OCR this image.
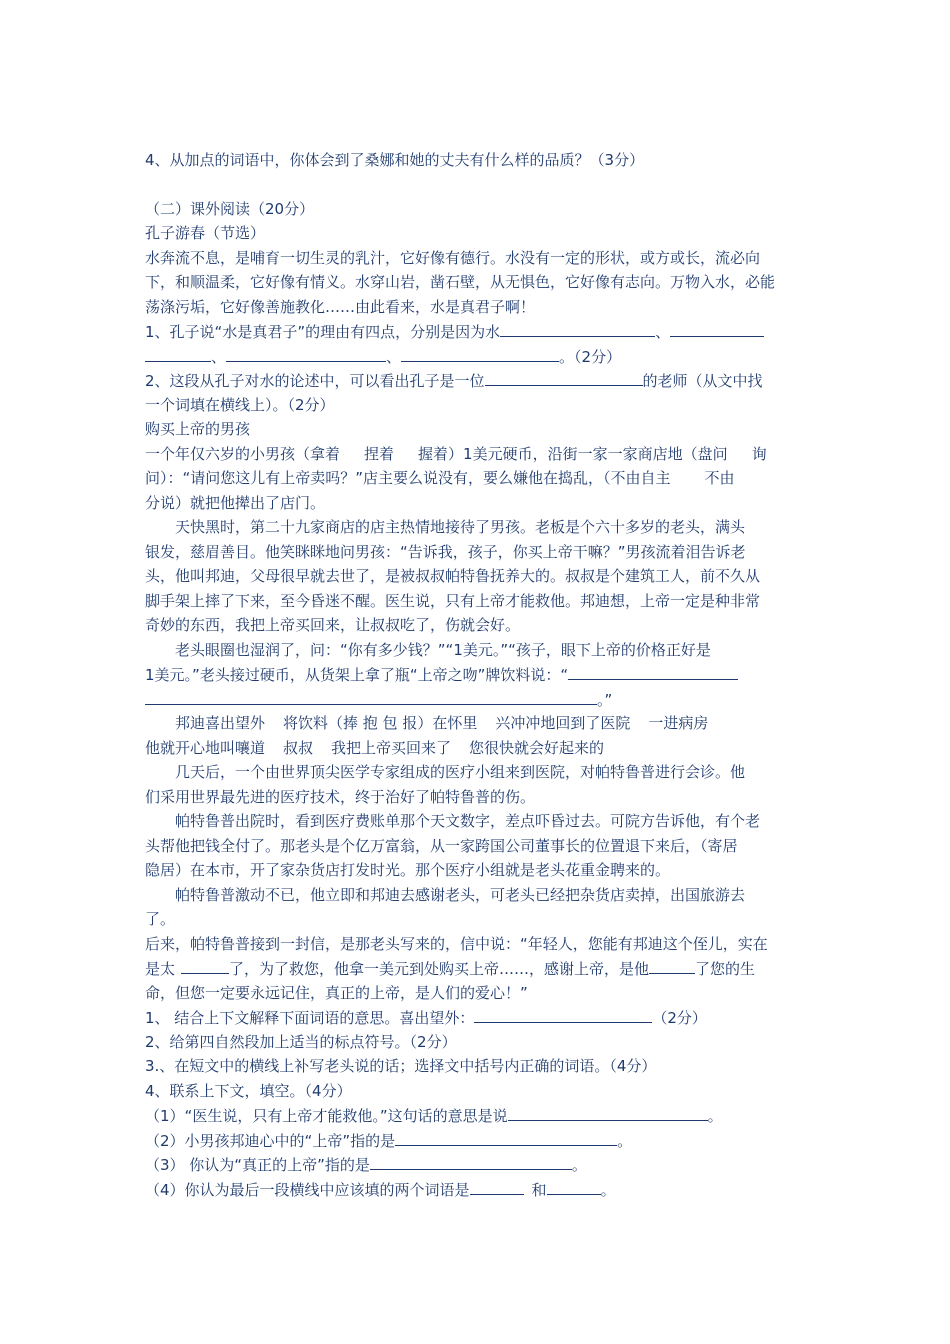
4、从加点的词语中，你体会到了桑娜和她的丈夫有什么样的品质？（3分）
（二）课外阅读（20分）
孔子游春（节选）
水奔流不息，是哺育一切生灵的乳汁，它好像有德行。水没有一定的形状，或方或长，流必向
下，和顺温柔，它好像有情义。水穿山岩，凿石壁，从无惧色，它好像有志向。万物入水，必能
荡涤污垢，它好像善施教化……由此看来，水是真君子啊！
1、孔子说“水是真君子”的理由有四点，分别是因为水	、
、	、	。（2分）
2、这段从孔子对水的论述中，可以看出孔子是一位	的老师（从文中找
一个词填在横线上）。（2分）
购买上帝的男孩
一个年仅六岁的小男孩（拿着 捏着 握着）1美元硬币，沿街一家一家商店地（盘问 询
问）：“请问您这儿有上帝卖吗？”店主要么说没有，要么嫌他在捣乱，（不由自主 不由
分说）就把他撵出了店门。
天快黑时，第二十九家商店的店主热情地接待了男孩。老板是个六十多岁的老头，满头
银发，慈眉善目。他笑眯眯地问男孩：“告诉我，孩子，你买上帝干嘛？”男孩流着泪告诉老
头，他叫邦迪，父母很早就去世了，是被叔叔帕特鲁抚养大的。叔叔是个建筑工人，前不久从
脚手架上摔了下来，至今昏迷不醒。医生说，只有上帝才能救他。邦迪想，上帝一定是种非常
奇妙的东西，我把上帝买回来，让叔叔吃了，伤就会好。
老头眼圈也湿润了，问：“你有多少钱？”“1美元。”“孩子，眼下上帝的价格正好是
1美元。”老头接过硬币，从货架上拿了瓶“上帝之吻”牌饮料说：“
。”
邦迪喜出望外 将饮料（捧 抱 包 报）在怀里 兴冲冲地回到了医院 一进病房
他就开心地叫嚷道 叔叔 我把上帝买回来了 您很快就会好起来的
几天后，一个由世界顶尖医学专家组成的医疗小组来到医院，对帕特鲁普进行会诊。他
们采用世界最先进的医疗技术，终于治好了帕特鲁普的伤。
帕特鲁普出院时，看到医疗费账单那个天文数字，差点吓昏过去。可院方告诉他，有个老
头帮他把钱全付了。那老头是个亿万富翁，从一家跨国公司董事长的位置退下来后，（寄居
隐居）在本市，开了家杂货店打发时光。那个医疗小组就是老头花重金聘来的。
帕特鲁普激动不已，他立即和邦迪去感谢老头，可老头已经把杂货店卖掉，出国旅游去
了。
后来，帕特鲁普接到一封信，是那老头写来的，信中说：“年轻人，您能有邦迪这个侄儿，实在
是太	了，为了救您，他拿一美元到处购买上帝……，感谢上帝，是他	了您的生
命，但您一定要永远记住，真正的上帝，是人们的爱心！”
1、 结合上下文解释下面词语的意思。喜出望外：	（2分）
2、给第四自然段加上适当的标点符号。（2分）
3.、在短文中的横线上补写老头说的话；选择文中括号内正确的词语。（4分）
4、联系上下文，填空。（4分）
（1）“医生说，只有上帝才能救他。”这句话的意思是说	。
（2）小男孩邦迪心中的“上帝”指的是	。
（3） 你认为“真正的上帝”指的是	。
（4）你认为最后一段横线中应该填的两个词语是	和	。
